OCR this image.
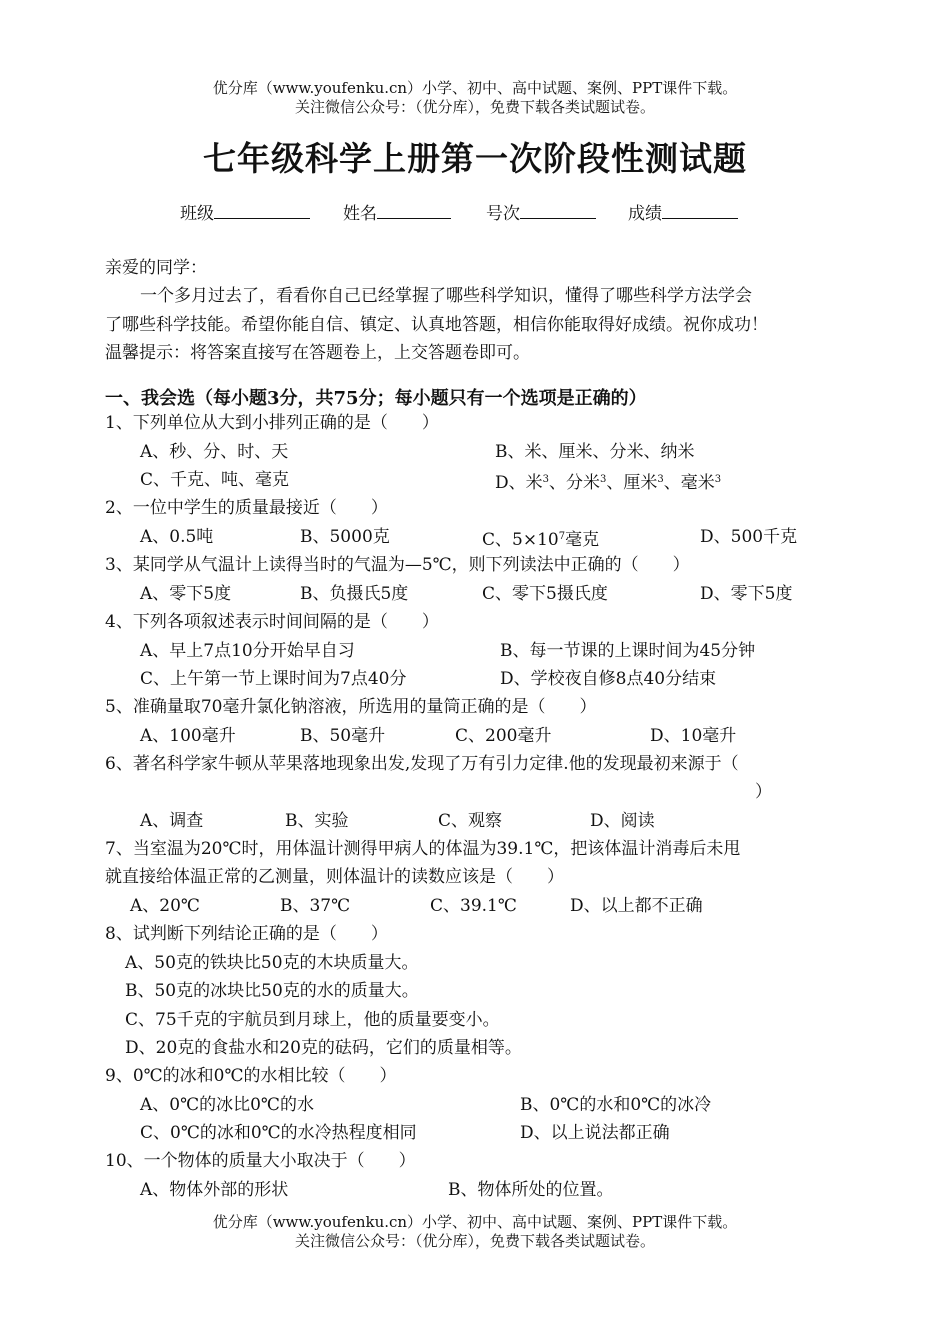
优分库（www.youfenku.cn）小学、初中、高中试题、案例、PPT课件下载。
关注微信公众号：（优分库），免费下载各类试题试卷。
七年级科学上册第一次阶段性测试题
班级	姓名	号次	成绩
亲爱的同学：
一个多月过去了，看看你自己已经掌握了哪些科学知识，懂得了哪些科学方法学会
了哪些科学技能。希望你能自信、镇定、认真地答题，相信你能取得好成绩。祝你成功！
温馨提示：将答案直接写在答题卷上，上交答题卷即可。
一、我会选（每小题3分，共75分；每小题只有一个选项是正确的）
1、下列单位从大到小排列正确的是（　　）
A、秒、分、时、天	B、米、厘米、分米、纳米
C、千克、吨、毫克	D、米$^3$、分米$^3$、厘米$^3$、毫米$^3$
2、一位中学生的质量最接近（　　）
A、0.5吨	B、5000克	C、$5\times 10^7$毫克	D、500千克
3、某同学从气温计上读得当时的气温为—5℃，则下列读法中正确的（　　）
A、零下5度	B、负摄氏5度	C、零下5摄氏度	D、零下5度
4、下列各项叙述表示时间间隔的是（　　）
A、早上7点10分开始早自习	B、每一节课的上课时间为45分钟
C、上午第一节上课时间为7点40分	D、学校夜自修8点40分结束
5、准确量取70毫升氯化钠溶液，所选用的量筒正确的是（　　）
A、100毫升	B、50毫升	C、200毫升	D、10毫升
6、著名科学家牛顿从苹果落地现象出发,发现了万有引力定律.他的发现最初来源于（
）
A、调查	B、实验	C、观察	D、阅读
7、当室温为20℃时，用体温计测得甲病人的体温为39.1℃，把该体温计消毒后未甩
就直接给体温正常的乙测量，则体温计的读数应该是（　　）
A、20℃	B、37℃	C、39.1℃	D、以上都不正确
8、试判断下列结论正确的是（　　）
A、50克的铁块比50克的木块质量大。
B、50克的冰块比50克的水的质量大。
C、75千克的宇航员到月球上，他的质量要变小。
D、20克的食盐水和20克的砝码，它们的质量相等。
9、0℃的冰和0℃的水相比较（　　）
A、0℃的冰比0℃的水	B、0℃的水和0℃的冰冷
C、0℃的冰和0℃的水冷热程度相同	D、以上说法都正确
10、一个物体的质量大小取决于（　　）
A、物体外部的形状	B、物体所处的位置。
优分库（www.youfenku.cn）小学、初中、高中试题、案例、PPT课件下载。
关注微信公众号：（优分库），免费下载各类试题试卷。
